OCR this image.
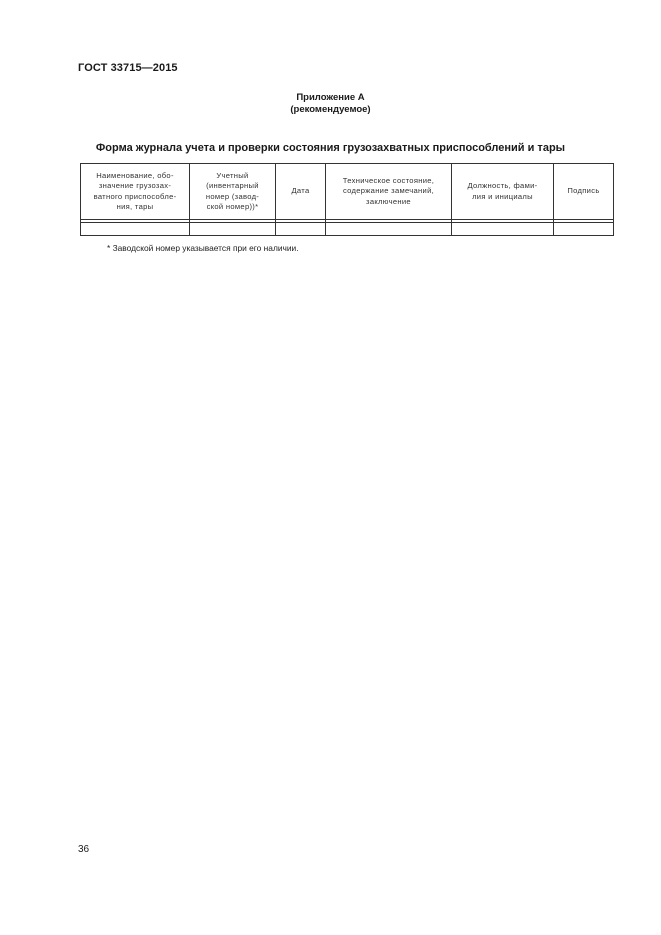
ГОСТ 33715—2015
Приложение А
(рекомендуемое)
Форма журнала учета и проверки состояния грузозахватных приспособлений и тары
Наименование, обо-
значение грузозах-
ватного приспособле-
ния, тары	Учетный
(инвентарный
номер (завод-
ской номер))*	Дата	Техническое состояние,
содержание замечаний,
заключение	Должность, фами-
лия и инициалы	Подпись

* Заводской номер указывается при его наличии.
36
